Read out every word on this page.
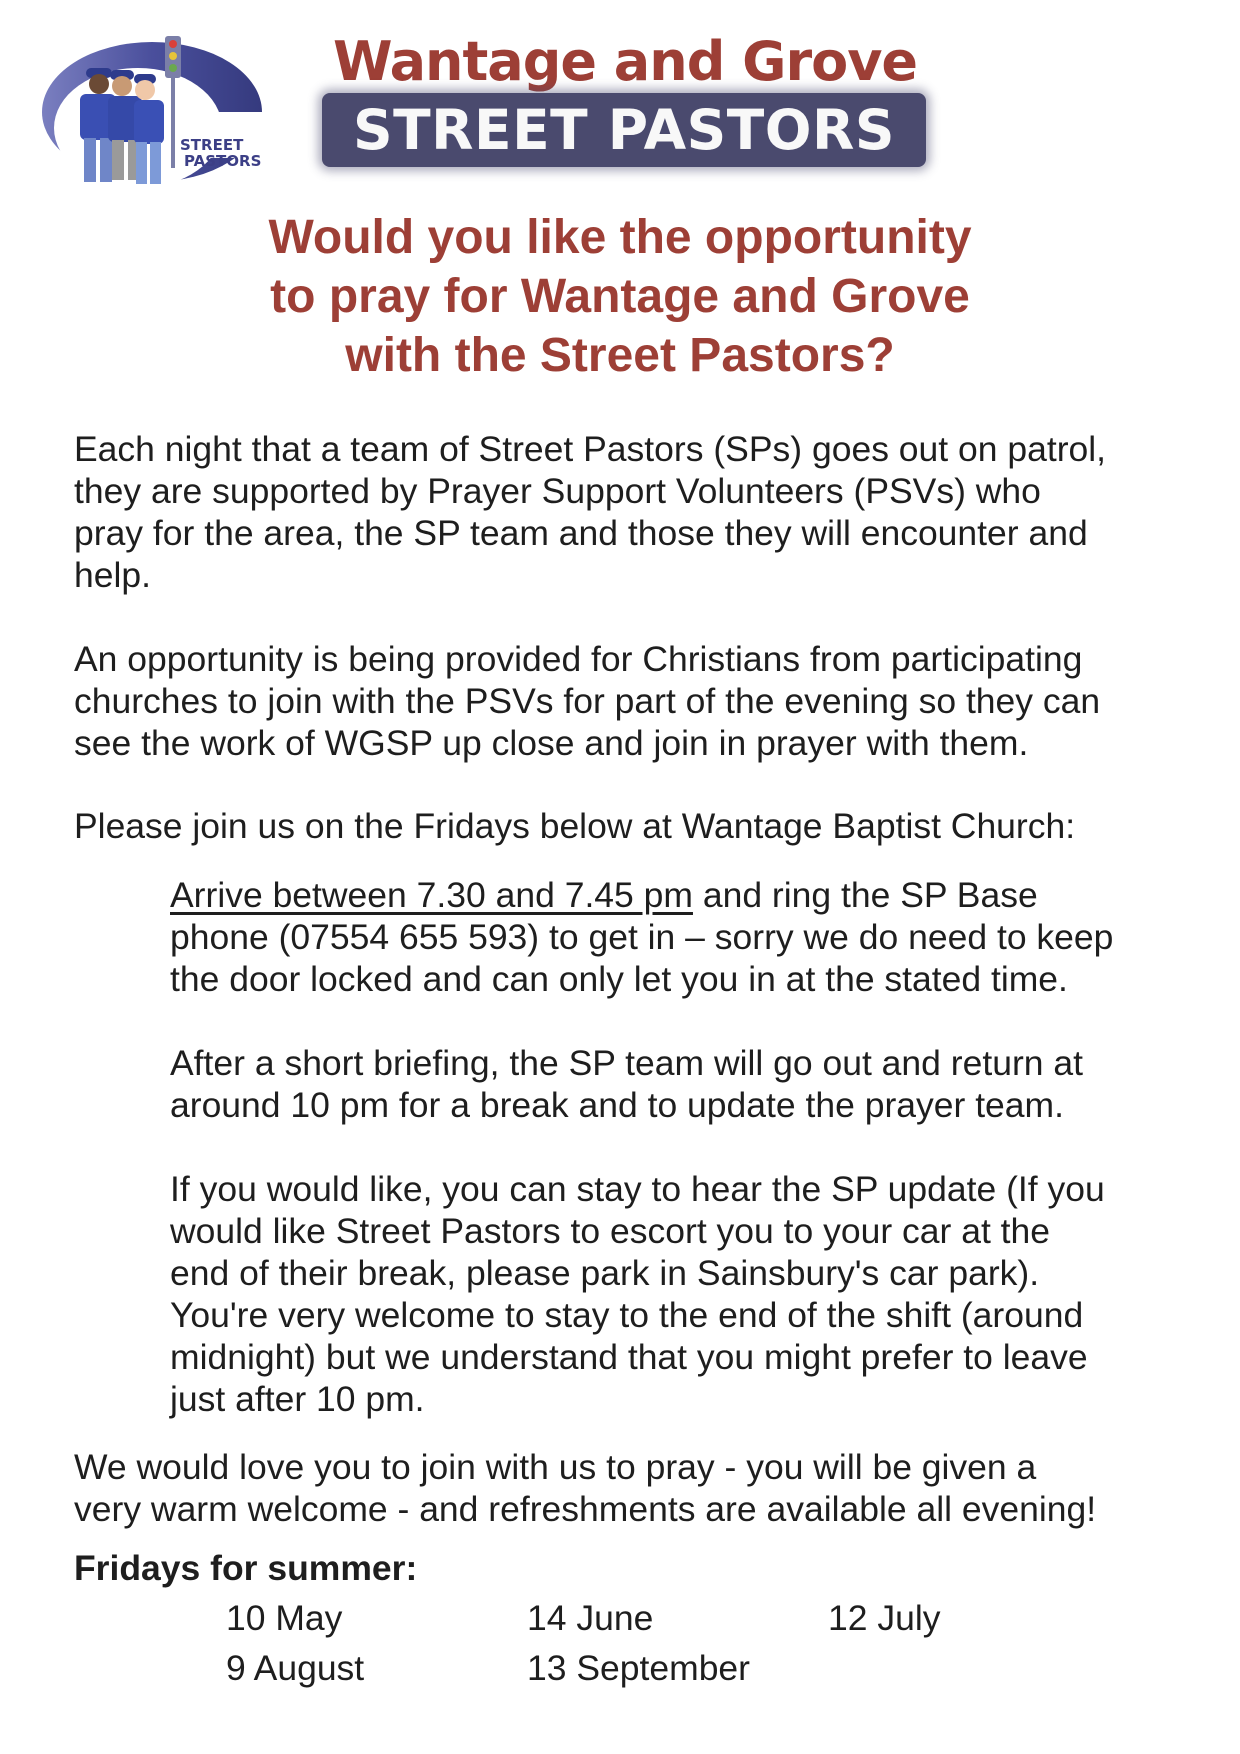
STREET
PASTORS
Wantage and Grove
STREET PASTORS
Would you like the opportunity
to pray for Wantage and Grove
with the Street Pastors?
Each night that a team of Street Pastors (SPs) goes out on patrol,
they are supported by Prayer Support Volunteers (PSVs) who
pray for the area, the SP team and those they will encounter and
help.
An opportunity is being provided for Christians from participating
churches to join with the PSVs for part of the evening so they can
see the work of WGSP up close and join in prayer with them.
Please join us on the Fridays below at Wantage Baptist Church:
Arrive between 7.30 and 7.45 pm and ring the SP Base
phone (07554 655 593) to get in – sorry we do need to keep
the door locked and can only let you in at the stated time.
After a short briefing, the SP team will go out and return at
around 10 pm for a break and to update the prayer team.
If you would like, you can stay to hear the SP update (If you
would like Street Pastors to escort you to your car at the
end of their break, please park in Sainsbury's car park).
You're very welcome to stay to the end of the shift (around
midnight) but we understand that you might prefer to leave
just after 10 pm.
We would love you to join with us to pray - you will be given a
very warm welcome - and refreshments are available all evening!
Fridays for summer:
10 May	14 June	12 July
9 August	13 September
